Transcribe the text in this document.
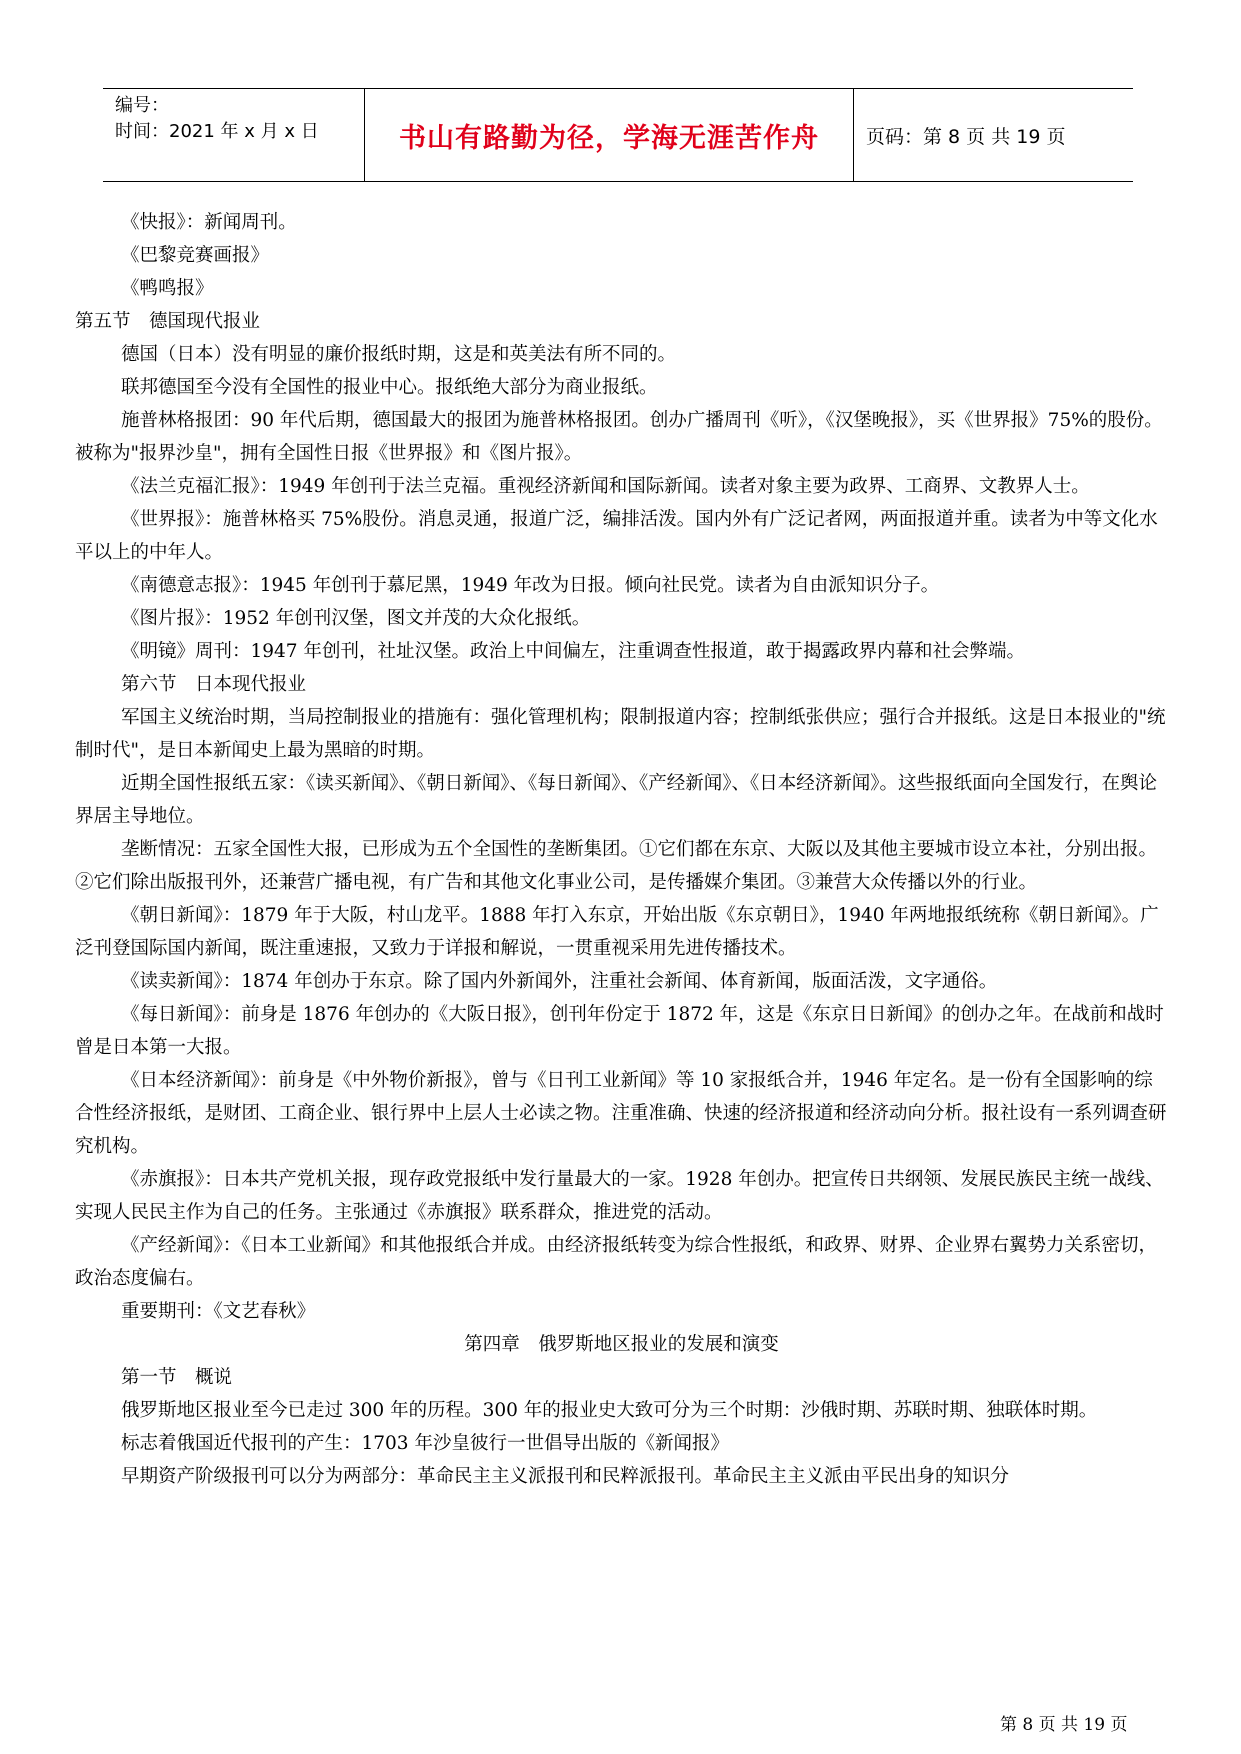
编号：
时间：2021 年 x 月 x 日	书山有路勤为径，学海无涯苦作舟	页码：第 8 页 共 19 页

《快报》：新闻周刊。

《巴黎竞赛画报》

《鸭鸣报》

第五节　德国现代报业

德国（日本）没有明显的廉价报纸时期，这是和英美法有所不同的。

联邦德国至今没有全国性的报业中心。报纸绝大部分为商业报纸。

施普林格报团：90 年代后期，德国最大的报团为施普林格报团。创办广播周刊《听》，《汉堡晚报》，买《世界报》75%的股份。被称为"报界沙皇"，拥有全国性日报《世界报》和《图片报》。

《法兰克福汇报》：1949 年创刊于法兰克福。重视经济新闻和国际新闻。读者对象主要为政界、工商界、文教界人士。

《世界报》：施普林格买 75%股份。消息灵通，报道广泛，编排活泼。国内外有广泛记者网，两面报道并重。读者为中等文化水平以上的中年人。

《南德意志报》：1945 年创刊于慕尼黑，1949 年改为日报。倾向社民党。读者为自由派知识分子。

《图片报》：1952 年创刊汉堡，图文并茂的大众化报纸。

《明镜》周刊：1947 年创刊，社址汉堡。政治上中间偏左，注重调查性报道，敢于揭露政界内幕和社会弊端。

第六节　日本现代报业

军国主义统治时期，当局控制报业的措施有：强化管理机构；限制报道内容；控制纸张供应；强行合并报纸。这是日本报业的"统制时代"，是日本新闻史上最为黑暗的时期。

近期全国性报纸五家：《读买新闻》、《朝日新闻》、《每日新闻》、《产经新闻》、《日本经济新闻》。这些报纸面向全国发行，在舆论界居主导地位。

垄断情况：五家全国性大报，已形成为五个全国性的垄断集团。①它们都在东京、大阪以及其他主要城市设立本社，分别出报。②它们除出版报刊外，还兼营广播电视，有广告和其他文化事业公司，是传播媒介集团。③兼营大众传播以外的行业。

《朝日新闻》：1879 年于大阪，村山龙平。1888 年打入东京，开始出版《东京朝日》，1940 年两地报纸统称《朝日新闻》。广泛刊登国际国内新闻，既注重速报，又致力于详报和解说，一贯重视采用先进传播技术。

《读卖新闻》：1874 年创办于东京。除了国内外新闻外，注重社会新闻、体育新闻，版面活泼，文字通俗。

《每日新闻》：前身是 1876 年创办的《大阪日报》，创刊年份定于 1872 年，这是《东京日日新闻》的创办之年。在战前和战时曾是日本第一大报。

《日本经济新闻》：前身是《中外物价新报》，曾与《日刊工业新闻》等 10 家报纸合并，1946 年定名。是一份有全国影响的综合性经济报纸，是财团、工商企业、银行界中上层人士必读之物。注重准确、快速的经济报道和经济动向分析。报社设有一系列调查研究机构。

《赤旗报》：日本共产党机关报，现存政党报纸中发行量最大的一家。1928 年创办。把宣传日共纲领、发展民族民主统一战线、实现人民民主作为自己的任务。主张通过《赤旗报》联系群众，推进党的活动。

《产经新闻》：《日本工业新闻》和其他报纸合并成。由经济报纸转变为综合性报纸，和政界、财界、企业界右翼势力关系密切，政治态度偏右。

重要期刊：《文艺春秋》

第四章　俄罗斯地区报业的发展和演变

第一节　概说

俄罗斯地区报业至今已走过 300 年的历程。300 年的报业史大致可分为三个时期：沙俄时期、苏联时期、独联体时期。

标志着俄国近代报刊的产生：1703 年沙皇彼行一世倡导出版的《新闻报》

早期资产阶级报刊可以分为两部分：革命民主主义派报刊和民粹派报刊。革命民主主义派由平民出身的知识分

第 8 页 共 19 页
